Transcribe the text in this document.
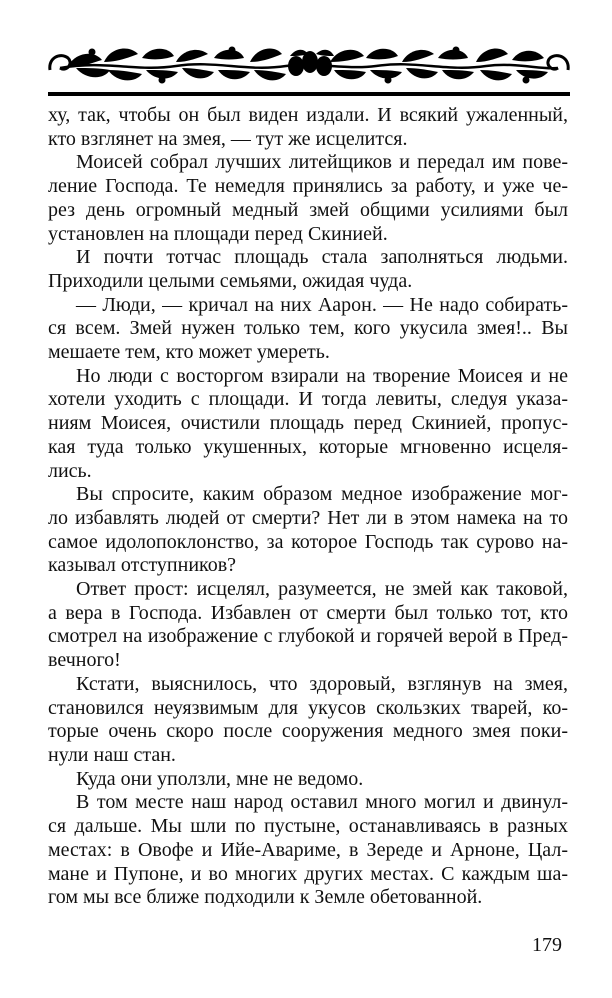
ху, так, чтобы он был виден издали. И всякий ужаленный,
кто взглянет на змея, — тут же исцелится.
Моисей собрал лучших литейщиков и передал им пове-
ление Господа. Те немедля принялись за работу, и уже че-
рез день огромный медный змей общими усилиями был
установлен на площади перед Скинией.
И почти тотчас площадь стала заполняться людьми.
Приходили целыми семьями, ожидая чуда.
— Люди, — кричал на них Аарон. — Не надо собирать-
ся всем. Змей нужен только тем, кого укусила змея!.. Вы
мешаете тем, кто может умереть.
Но люди с восторгом взирали на творение Моисея и не
хотели уходить с площади. И тогда левиты, следуя указа-
ниям Моисея, очистили площадь перед Скинией, пропус-
кая туда только укушенных, которые мгновенно исцеля-
лись.
Вы спросите, каким образом медное изображение мог-
ло избавлять людей от смерти? Нет ли в этом намека на то
самое идолопоклонство, за которое Господь так сурово на-
казывал отступников?
Ответ прост: исцелял, разумеется, не змей как таковой,
а вера в Господа. Избавлен от смерти был только тот, кто
смотрел на изображение с глубокой и горячей верой в Пред-
вечного!
Кстати, выяснилось, что здоровый, взглянув на змея,
становился неуязвимым для укусов скользких тварей, ко-
торые очень скоро после сооружения медного змея поки-
нули наш стан.
Куда они уползли, мне не ведомо.
В том месте наш народ оставил много могил и двинул-
ся дальше. Мы шли по пустыне, останавливаясь в разных
местах: в Овофе и Ийе-Авариме, в Зереде и Арноне, Цал-
мане и Пупоне, и во многих других местах. С каждым ша-
гом мы все ближе подходили к Земле обетованной.
179
